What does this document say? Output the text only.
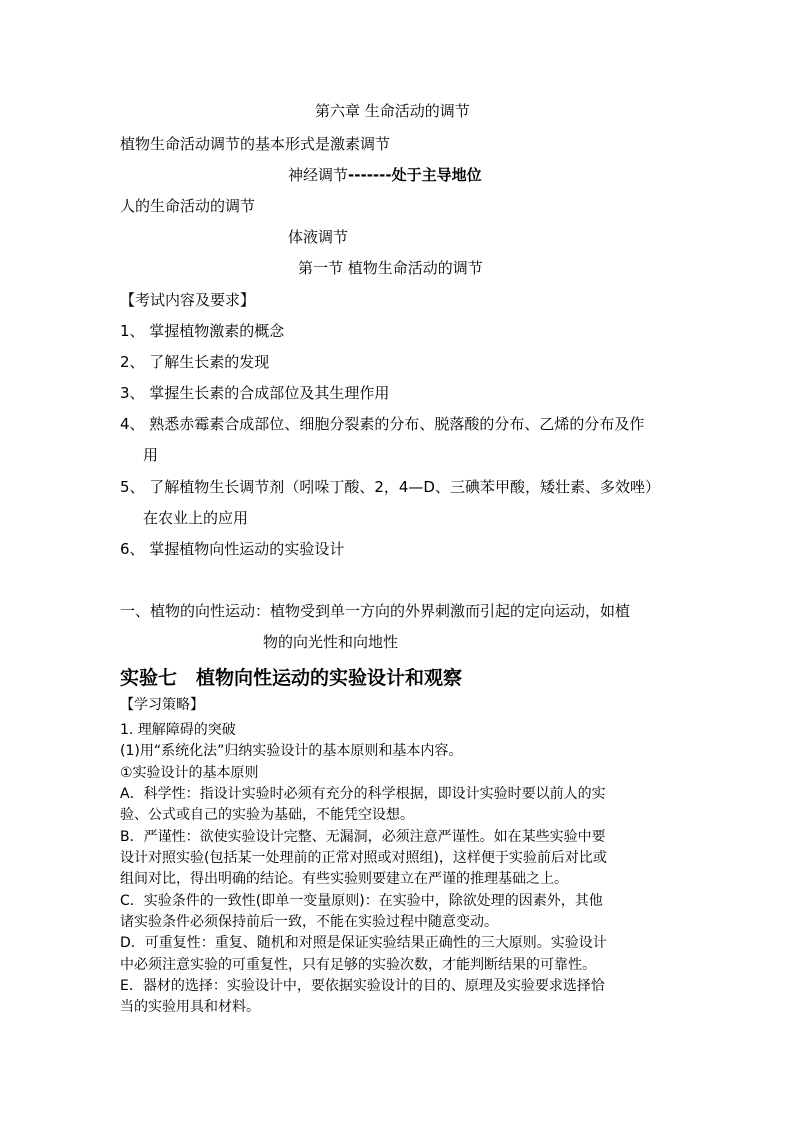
第六章 生命活动的调节
植物生命活动调节的基本形式是激素调节
神经调节-------处于主导地位
人的生命活动的调节
体液调节
第一节 植物生命活动的调节
【考试内容及要求】
1、 掌握植物激素的概念
2、 了解生长素的发现
3、 掌握生长素的合成部位及其生理作用
4、 熟悉赤霉素合成部位、细胞分裂素的分布、脱落酸的分布、乙烯的分布及作
用
5、 了解植物生长调节剂（吲哚丁酸、2，4—D、三碘苯甲酸，矮壮素、多效唑）
在农业上的应用
6、 掌握植物向性运动的实验设计
一、植物的向性运动：植物受到单一方向的外界刺激而引起的定向运动，如植
物的向光性和向地性
实验七　植物向性运动的实验设计和观察
【学习策略】
1. 理解障碍的突破
(1)用“系统化法”归纳实验设计的基本原则和基本内容。
①实验设计的基本原则
A．科学性：指设计实验时必须有充分的科学根据，即设计实验时要以前人的实
验、公式或自己的实验为基础，不能凭空设想。
B．严谨性：欲使实验设计完整、无漏洞，必须注意严谨性。如在某些实验中要
设计对照实验(包括某一处理前的正常对照或对照组)，这样便于实验前后对比或
组间对比，得出明确的结论。有些实验则要建立在严谨的推理基础之上。
C．实验条件的一致性(即单一变量原则)：在实验中，除欲处理的因素外，其他
诸实验条件必须保持前后一致，不能在实验过程中随意变动。
D．可重复性：重复、随机和对照是保证实验结果正确性的三大原则。实验设计
中必须注意实验的可重复性，只有足够的实验次数，才能判断结果的可靠性。
E．器材的选择：实验设计中，要依据实验设计的目的、原理及实验要求选择恰
当的实验用具和材料。
